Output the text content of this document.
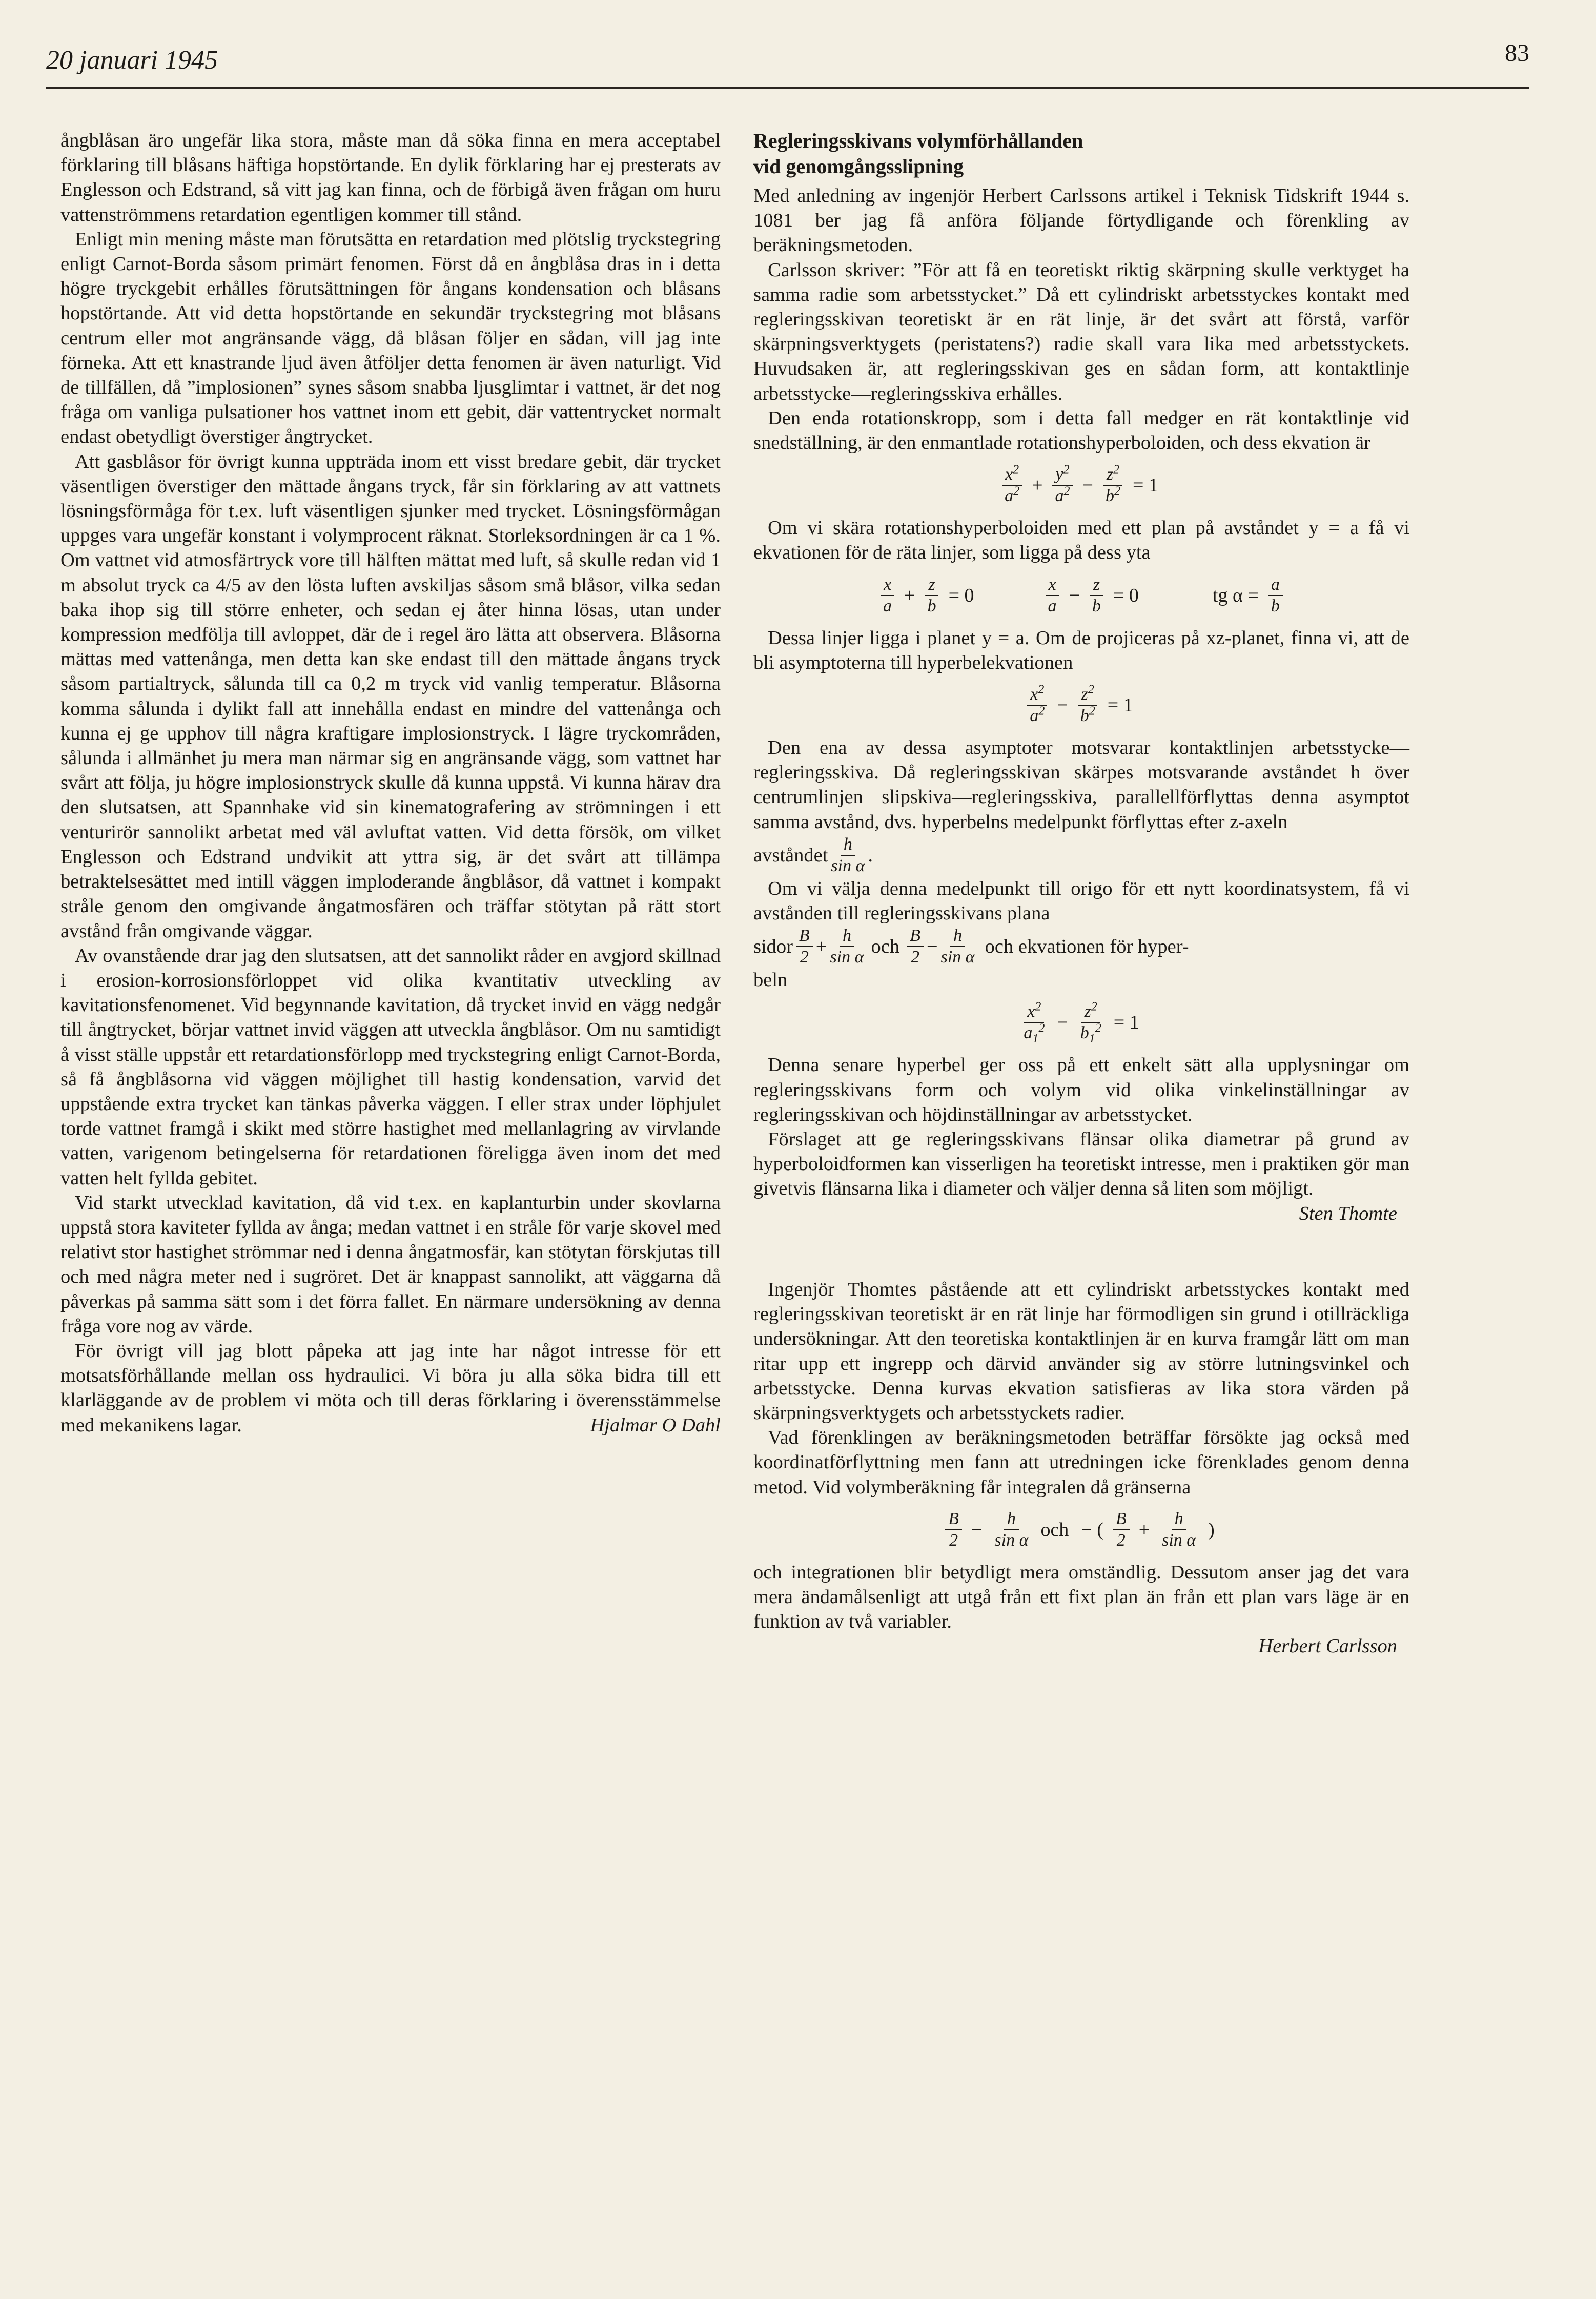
20 januari 1945	83

ångblåsan äro ungefär lika stora, måste man då söka finna en mera acceptabel förklaring till blåsans häftiga hopstörtande. En dylik förklaring har ej presterats av Englesson och Edstrand, så vitt jag kan finna, och de förbigå även frågan om huru vattenströmmens retardation egentligen kommer till stånd.

Enligt min mening måste man förutsätta en retardation med plötslig tryckstegring enligt Carnot-Borda såsom primärt fenomen. Först då en ångblåsa dras in i detta högre tryckgebit erhålles förutsättningen för ångans kondensation och blåsans hopstörtande. Att vid detta hopstörtande en sekundär tryckstegring mot blåsans centrum eller mot angränsande vägg, då blåsan följer en sådan, vill jag inte förneka. Att ett knastrande ljud även åtföljer detta fenomen är även naturligt. Vid de tillfällen, då ”implosionen” synes såsom snabba ljusglimtar i vattnet, är det nog fråga om vanliga pulsationer hos vattnet inom ett gebit, där vattentrycket normalt endast obetydligt överstiger ångtrycket.

Att gasblåsor för övrigt kunna uppträda inom ett visst bredare gebit, där trycket väsentligen överstiger den mättade ångans tryck, får sin förklaring av att vattnets lösningsförmåga för t.ex. luft väsentligen sjunker med trycket. Lösningsförmågan uppges vara ungefär konstant i volymprocent räknat. Storleksordningen är ca 1 %. Om vattnet vid atmosfärtryck vore till hälften mättat med luft, så skulle redan vid 1 m absolut tryck ca 4/5 av den lösta luften avskiljas såsom små blåsor, vilka sedan baka ihop sig till större enheter, och sedan ej åter hinna lösas, utan under kompression medfölja till avloppet, där de i regel äro lätta att observera. Blåsorna mättas med vattenånga, men detta kan ske endast till den mättade ångans tryck såsom partialtryck, sålunda till ca 0,2 m tryck vid vanlig temperatur. Blåsorna komma sålunda i dylikt fall att innehålla endast en mindre del vattenånga och kunna ej ge upphov till några kraftigare implosionstryck. I lägre tryckområden, sålunda i allmänhet ju mera man närmar sig en angränsande vägg, som vattnet har svårt att följa, ju högre implosionstryck skulle då kunna uppstå. Vi kunna härav dra den slutsatsen, att Spannhake vid sin kinematografering av strömningen i ett venturirör sannolikt arbetat med väl avluftat vatten. Vid detta försök, om vilket Englesson och Edstrand undvikit att yttra sig, är det svårt att tillämpa betraktelsesättet med intill väggen imploderande ångblåsor, då vattnet i kompakt stråle genom den omgivande ångatmosfären och träffar stötytan på rätt stort avstånd från omgivande väggar.

Av ovanstående drar jag den slutsatsen, att det sannolikt råder en avgjord skillnad i erosion-korrosionsförloppet vid olika kvantitativ utveckling av kavitationsfenomenet. Vid begynnande kavitation, då trycket invid en vägg nedgår till ångtrycket, börjar vattnet invid väggen att utveckla ångblåsor. Om nu samtidigt å visst ställe uppstår ett retardationsförlopp med tryckstegring enligt Carnot-Borda, så få ångblåsorna vid väggen möjlighet till hastig kondensation, varvid det uppstående extra trycket kan tänkas påverka väggen. I eller strax under löphjulet torde vattnet framgå i skikt med större hastighet med mellanlagring av virvlande vatten, varigenom betingelserna för retardationen föreligga även inom det med vatten helt fyllda gebitet.

Vid starkt utvecklad kavitation, då vid t.ex. en kaplanturbin under skovlarna uppstå stora kaviteter fyllda av ånga; medan vattnet i en stråle för varje skovel med relativt stor hastighet strömmar ned i denna ångatmosfär, kan stötytan förskjutas till och med några meter ned i sugröret. Det är knappast sannolikt, att väggarna då påverkas på samma sätt som i det förra fallet. En närmare undersökning av denna fråga vore nog av värde.

För övrigt vill jag blott påpeka att jag inte har något intresse för ett motsatsförhållande mellan oss hydraulici. Vi böra ju alla söka bidra till ett klarläggande av de problem vi möta och till deras förklaring i överensstämmelse med mekanikens lagar.	Hjalmar O Dahl

Regleringsskivans volymförhållanden
vid genomgångsslipning

Med anledning av ingenjör Herbert Carlssons artikel i Teknisk Tidskrift 1944 s. 1081 ber jag få anföra följande förtydligande och förenkling av beräkningsmetoden.

Carlsson skriver: ”För att få en teoretiskt riktig skärpning skulle verktyget ha samma radie som arbetsstycket.” Då ett cylindriskt arbetsstyckes kontakt med regleringsskivan teoretiskt är en rät linje, är det svårt att förstå, varför skärpningsverktygets (peristatens?) radie skall vara lika med arbetsstyckets. Huvudsaken är, att regleringsskivan ges en sådan form, att kontaktlinje arbetsstycke—regleringsskiva erhålles.

Den enda rotationskropp, som i detta fall medger en rät kontaktlinje vid snedställning, är den enmantlade rotationshyperboloiden, och dess ekvation är

$\frac{x^2}{a^2} + \frac{y^2}{a^2} - \frac{z^2}{b^2} = 1$

Om vi skära rotationshyperboloiden med ett plan på avståndet y = a få vi ekvationen för de räta linjer, som ligga på dess yta

$\frac{x}{a} + \frac{z}{b} = 0$	$\frac{x}{a} - \frac{z}{b} = 0$	tg $\alpha = \frac{a}{b}$

Dessa linjer ligga i planet y = a. Om de projiceras på xz-planet, finna vi, att de bli asymptoterna till hyperbelekvationen

$\frac{x^2}{a^2} - \frac{z^2}{b^2} = 1$

Den ena av dessa asymptoter motsvarar kontaktlinjen arbetsstycke—regleringsskiva. Då regleringsskivan skärpes motsvarande avståndet h över centrumlinjen slipskiva—regleringsskiva, parallellförflyttas denna asymptot samma avstånd, dvs. hyperbelns medelpunkt förflyttas efter z-axeln

avståndet $\frac{h}{\text{sin α}}$ .

Om vi välja denna medelpunkt till origo för ett nytt koordinatsystem, få vi avstånden till regleringsskivans plana

sidor $\frac{B}{2} + \frac{h}{\text{sin α}}$ och $\frac{B}{2} - \frac{h}{\text{sin α}}$ och ekvationen för hyper-

beln

$\frac{x^2}{a_1^2} - \frac{z^2}{b_1^2} = 1$

Denna senare hyperbel ger oss på ett enkelt sätt alla upplysningar om regleringsskivans form och volym vid olika vinkelinställningar av regleringsskivan och höjdinställningar av arbetsstycket.

Förslaget att ge regleringsskivans flänsar olika diametrar på grund av hyperboloidformen kan visserligen ha teoretiskt intresse, men i praktiken gör man givetvis flänsarna lika i diameter och väljer denna så liten som möjligt.

Sten Thomte

Ingenjör Thomtes påstående att ett cylindriskt arbetsstyckes kontakt med regleringsskivan teoretiskt är en rät linje har förmodligen sin grund i otillräckliga undersökningar. Att den teoretiska kontaktlinjen är en kurva framgår lätt om man ritar upp ett ingrepp och därvid använder sig av större lutningsvinkel och arbetsstycke. Denna kurvas ekvation satisfieras av lika stora värden på skärpningsverktygets och arbetsstyckets radier.

Vad förenklingen av beräkningsmetoden beträffar försökte jag också med koordinatförflyttning men fann att utredningen icke förenklades genom denna metod. Vid volymberäkning får integralen då gränserna

$\frac{B}{2} - \frac{h}{\text{sin α}}$ och − ( $\frac{B}{2} + \frac{h}{\text{sin α}}$ )

och integrationen blir betydligt mera omständlig. Dessutom anser jag det vara mera ändamålsenligt att utgå från ett fixt plan än från ett plan vars läge är en funktion av två variabler.

Herbert Carlsson
